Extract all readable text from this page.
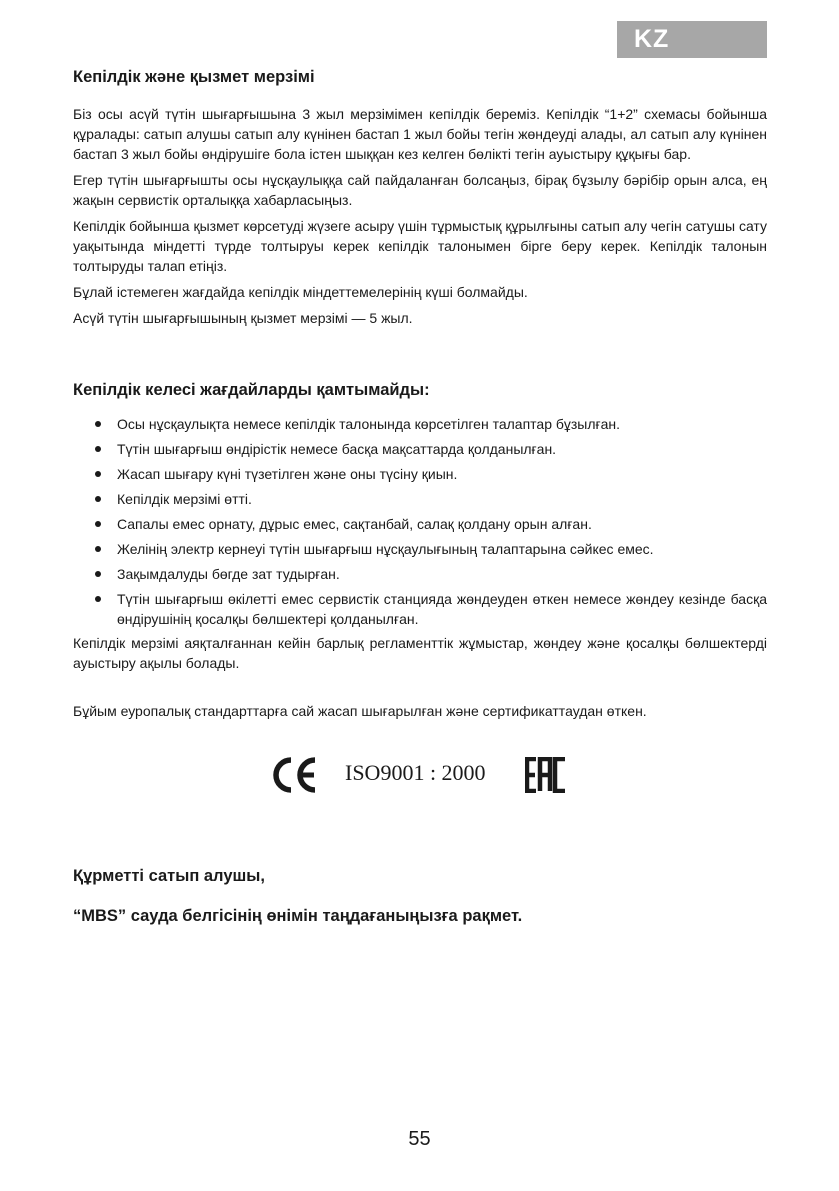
KZ
Кепілдік және қызмет мерзімі

Біз осы асүй түтін шығарғышына 3 жыл мерзімімен кепілдік береміз. Кепілдік “1+2” схемасы бойынша құралады: сатып алушы сатып алу күнінен бастап 1 жыл бойы тегін жөндеуді алады, ал сатып алу күнінен бастап 3 жыл бойы өндірушіге бола істен шыққан кез келген бөлікті тегін ауыстыру құқығы бар.

Егер түтін шығарғышты осы нұсқаулыққа сай пайдаланған болсаңыз, бірақ бұзылу бәрібір орын алса, ең жақын сервистік орталыққа хабарласыңыз.

Кепілдік бойынша қызмет көрсетуді жүзеге асыру үшін тұрмыстық құрылғыны сатып алу чегін сатушы сату уақытында міндетті түрде толтыруы керек кепілдік талонымен бірге беру керек. Кепілдік талонын толтыруды талап етіңіз.

Бұлай істемеген жағдайда кепілдік міндеттемелерінің күші болмайды.

Асүй түтін шығарғышының қызмет мерзімі — 5 жыл.

Кепілдік келесі жағдайларды қамтымайды:
Осы нұсқаулықта немесе кепілдік талонында көрсетілген талаптар бұзылған.
Түтін шығарғыш өндірістік немесе басқа мақсаттарда қолданылған.
Жасап шығару күні түзетілген және оны түсіну қиын.
Кепілдік мерзімі өтті.
Сапалы емес орнату, дұрыс емес, сақтанбай, салақ қолдану орын алған.
Желінің электр кернеуі түтін шығарғыш нұсқаулығының талаптарына сәйкес емес.
Зақымдалуды бөгде зат тудырған.
Түтін шығарғыш өкілетті емес сервистік станцияда жөндеуден өткен немесе жөндеу кезінде басқа өндірушінің қосалқы бөлшектері қолданылған.

Кепілдік мерзімі аяқталғаннан кейін барлық регламенттік жұмыстар, жөндеу және қосалқы бөлшектерді ауыстыру ақылы болады.

Бұйым еуропалық стандарттарға сай жасап шығарылған және сертификаттаудан өткен.

ISO9001 : 2000
Құрметті сатып алушы,
“MBS” сауда белгісінің өнімін таңдағаныңызға рақмет.
55
